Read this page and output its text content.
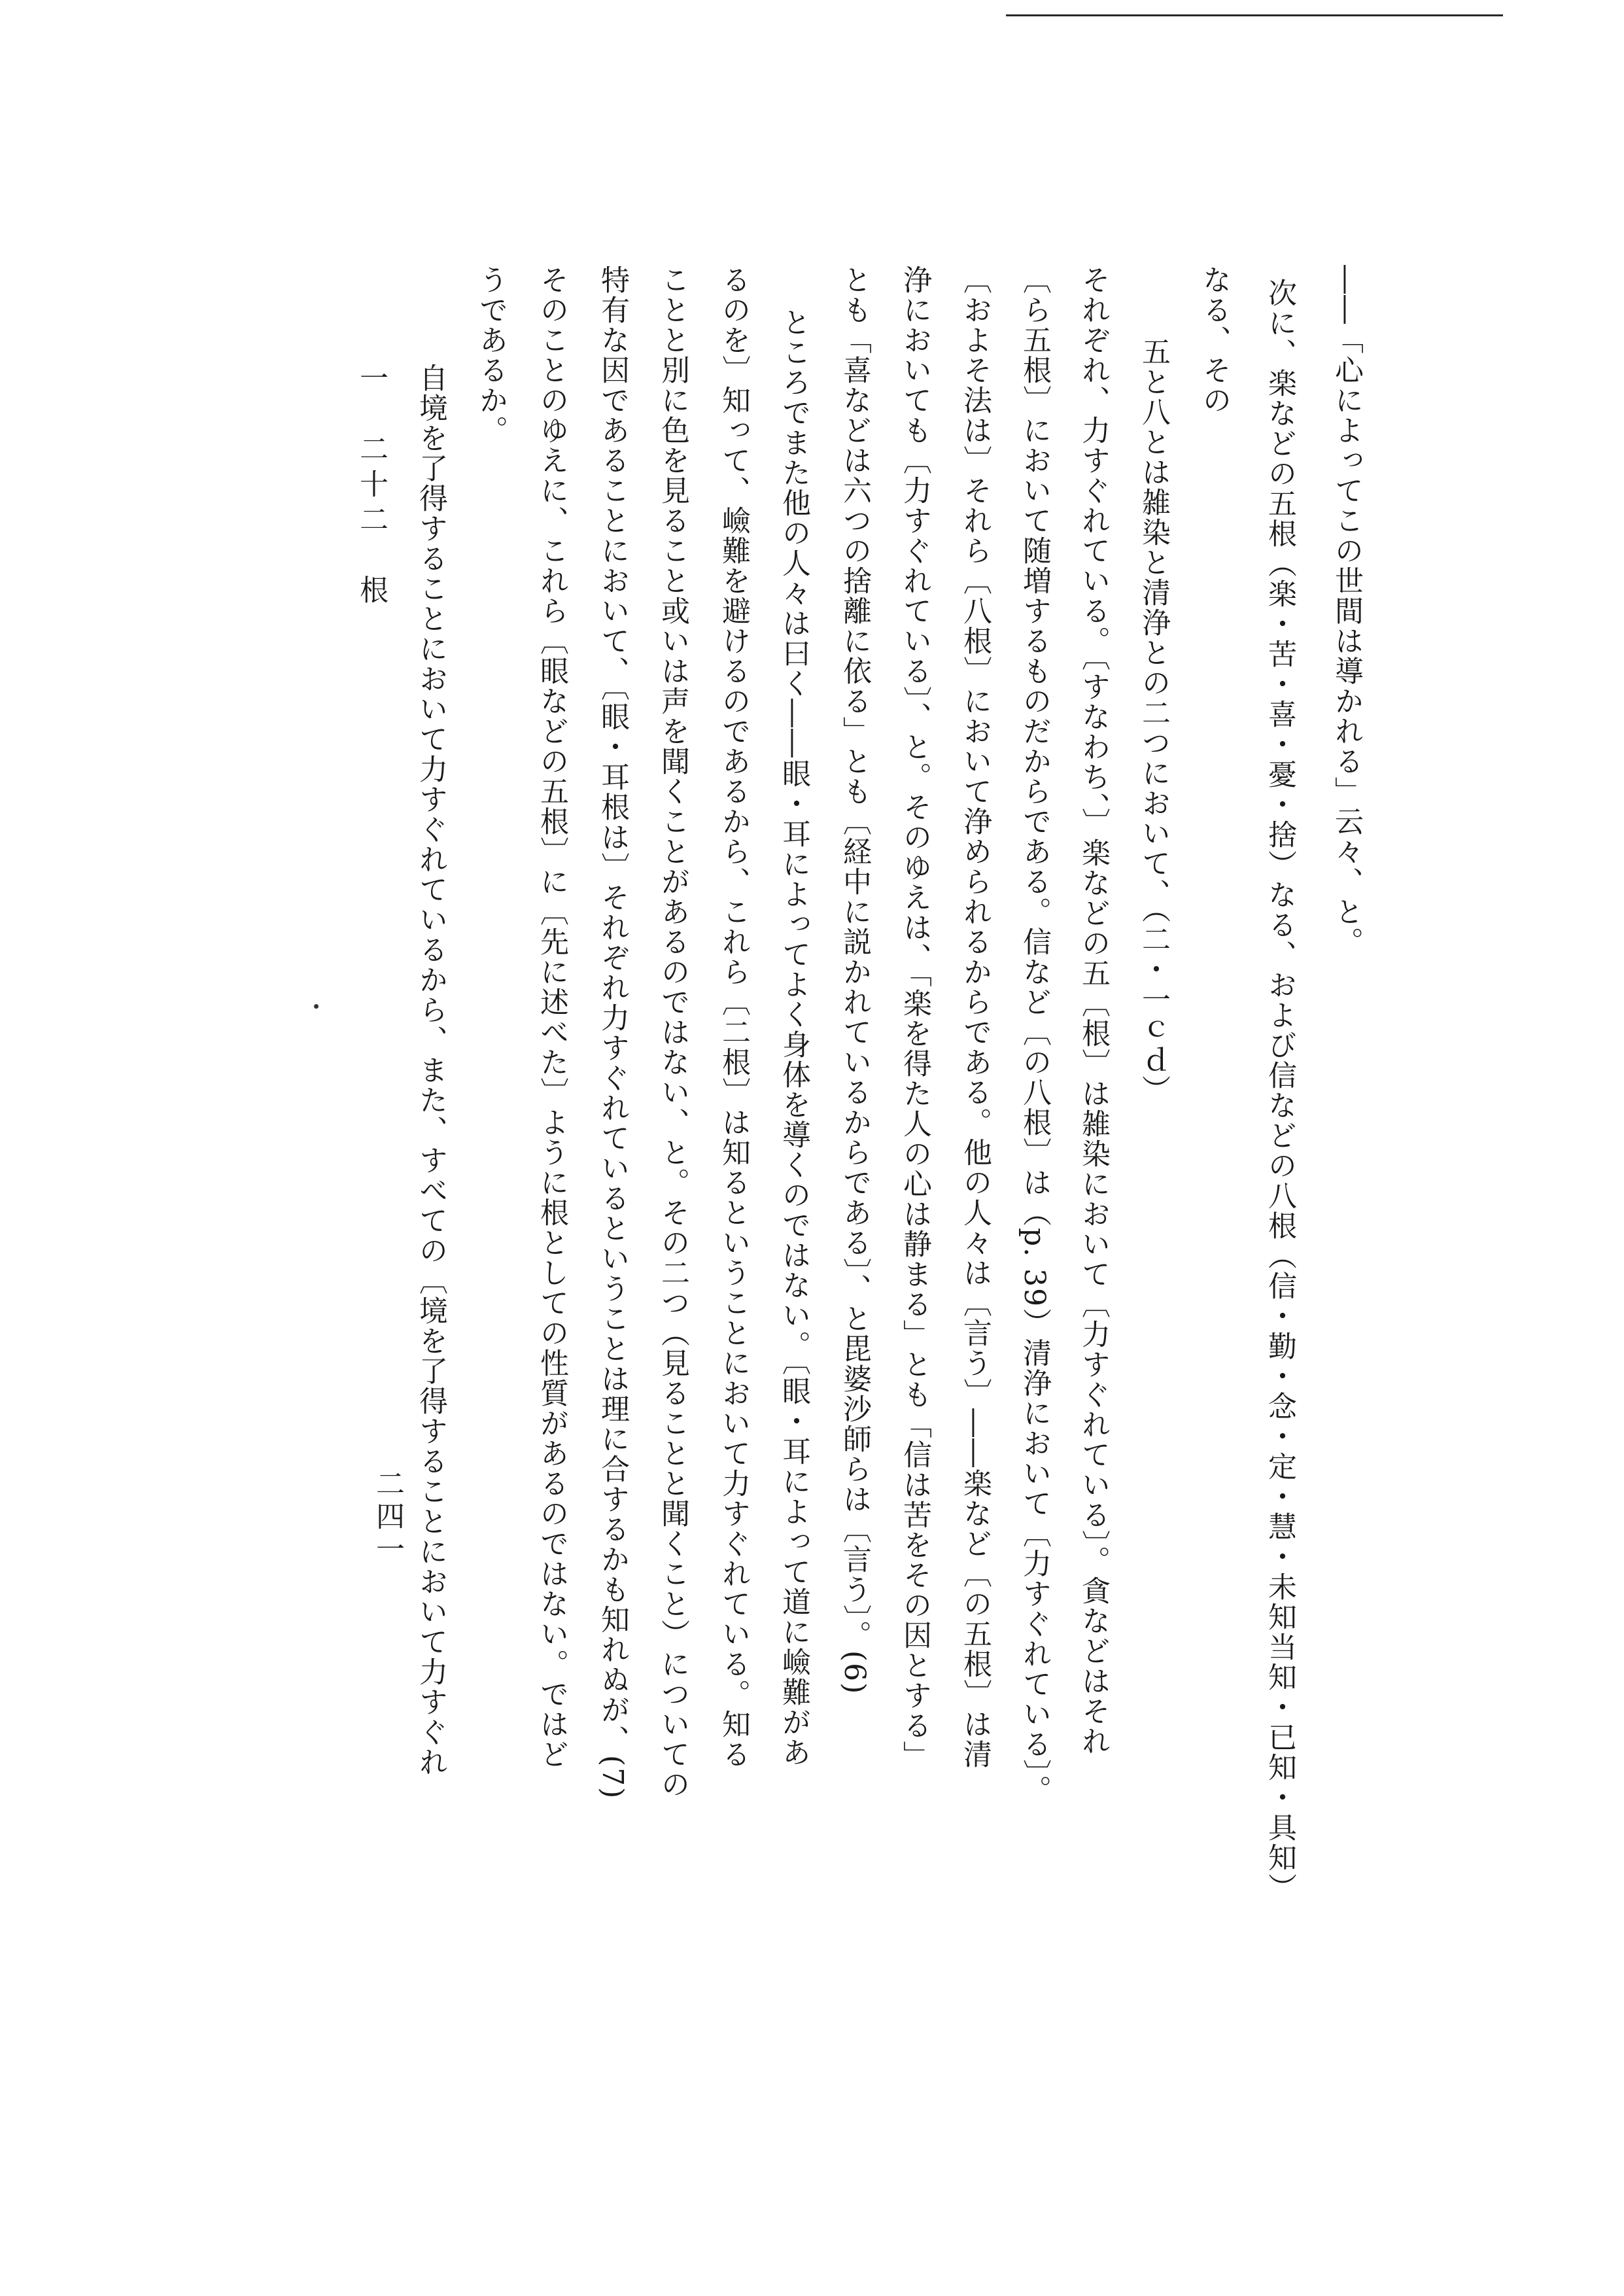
――「心によってこの世間は導かれる」云々、と。
次に、楽などの五根（楽・苦・喜・憂・捨）なる、および信などの八根（信・勤・念・定・慧・未知当知・已知・具知）
なる、その
五と八とは雑染と清浄との二つにおいて、（二・一ｃｄ）
それぞれ、力すぐれている。〔すなわち、〕楽などの五〔根〕は雑染において〔力すぐれている〕。貪などはそれ
〔ら五根〕において随増するものだからである。信など〔の八根〕は（p. 39）清浄において〔力すぐれている〕。
〔およそ法は〕それら〔八根〕において浄められるからである。他の人々は〔言う〕――楽など〔の五根〕は清
浄においても〔力すぐれている〕、と。そのゆえは、「楽を得た人の心は静まる」とも「信は苦をその因とする」
とも「喜などは六つの捨離に依る」とも〔経中に説かれているからである〕、と毘婆沙師らは〔言う〕。(6)
ところでまた他の人々は曰く――眼・耳によってよく身体を導くのではない。〔眼・耳によって道に嶮難があ
るのを〕知って、嶮難を避けるのであるから、これら〔二根〕は知るということにおいて力すぐれている。知る
ことと別に色を見ること或いは声を聞くことがあるのではない、と。その二つ（見ることと聞くこと）についての
特有な因であることにおいて、〔眼・耳根は〕それぞれ力すぐれているということは理に合するかも知れぬが、(7)
そのことのゆえに、これら〔眼などの五根〕に〔先に述べた〕ように根としての性質があるのではない。ではど
うであるか。
自境を了得することにおいて力すぐれているから、また、すべての〔境を了得することにおいて力すぐれ
一　二十二　根
二四一
